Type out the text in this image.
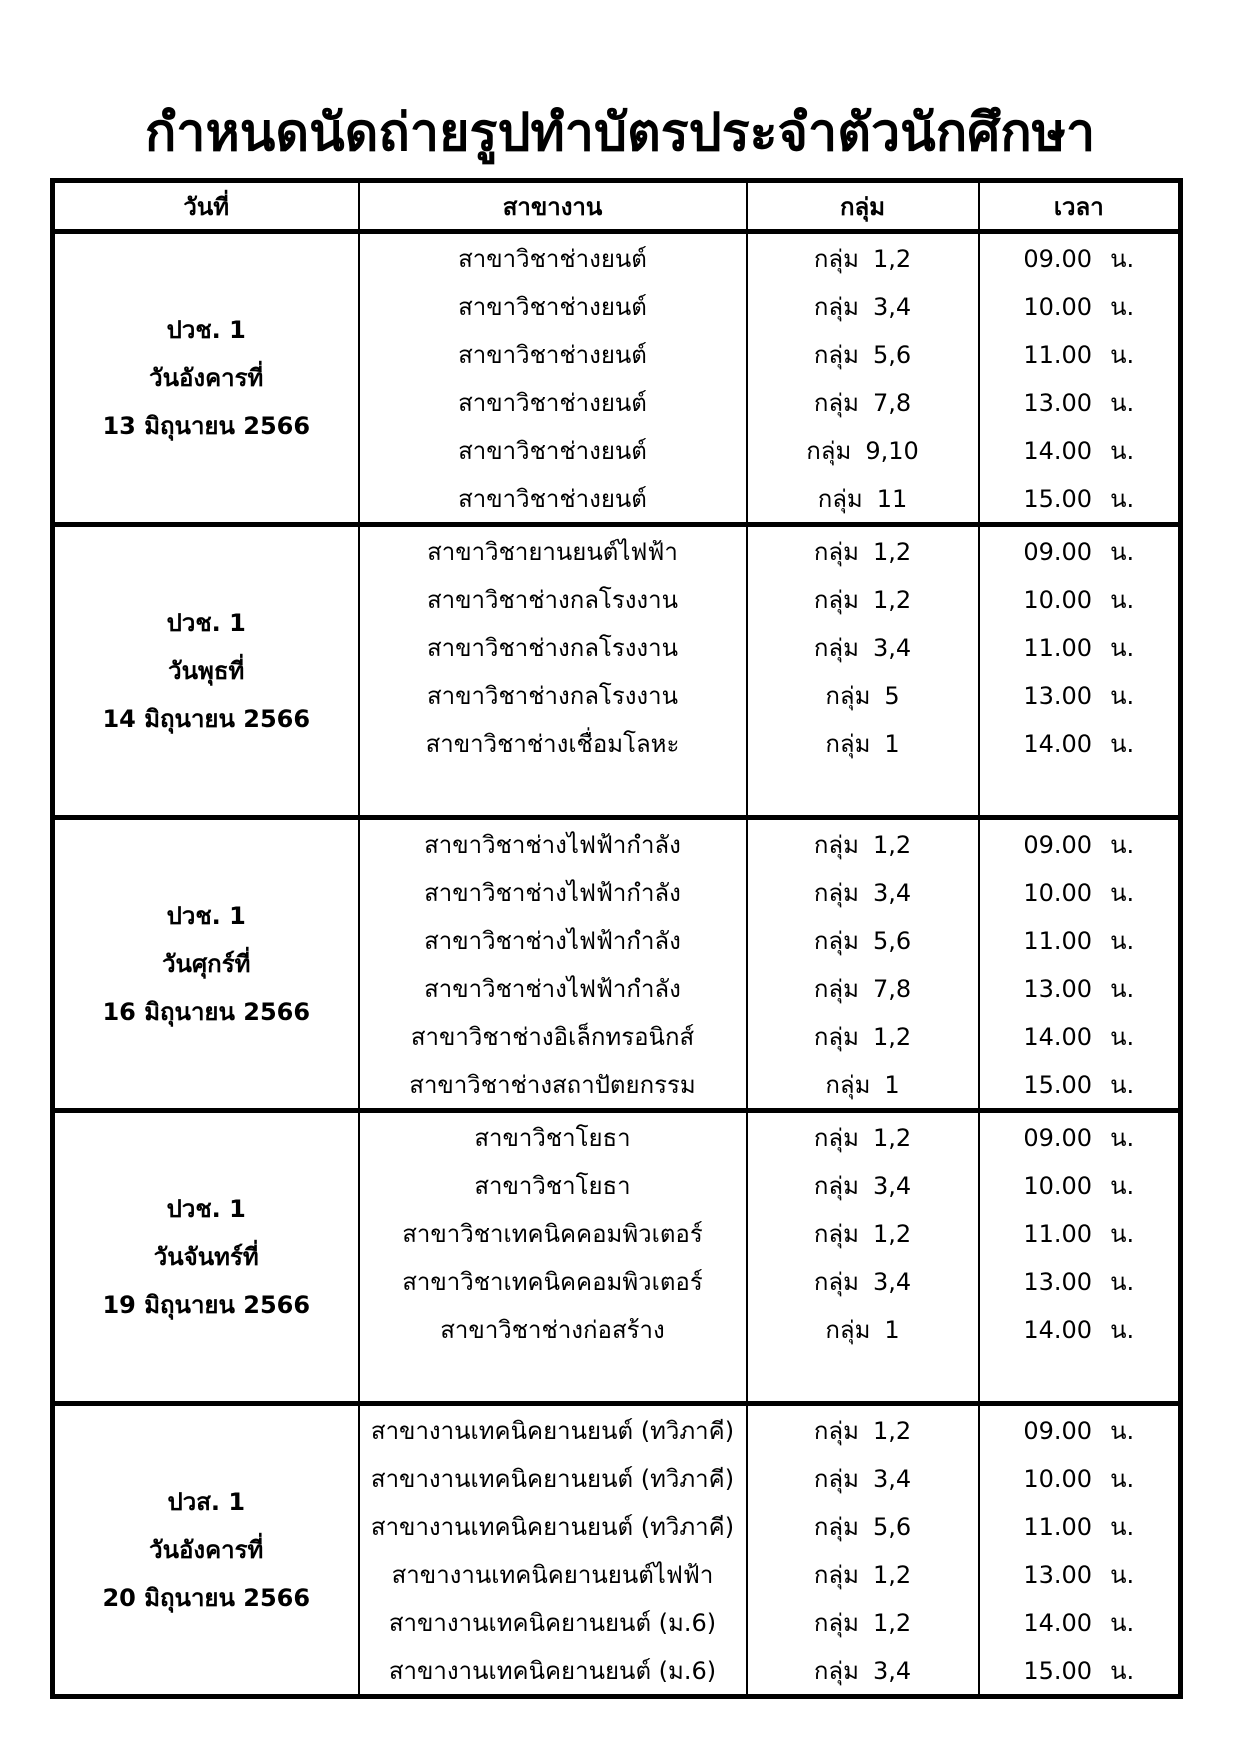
กำหนดนัดถ่ายรูปทำบัตรประจำตัวนักศึกษา
วันที่	สาขางาน	กลุ่ม	เวลา

ปวช. 1
วันอังคารที่
13 มิถุนายน 2566	สาขาวิชาช่างยนต์	กลุ่ม 1,2	09.00 น.
	สาขาวิชาช่างยนต์	กลุ่ม 3,4	10.00 น.
	สาขาวิชาช่างยนต์	กลุ่ม 5,6	11.00 น.
	สาขาวิชาช่างยนต์	กลุ่ม 7,8	13.00 น.
	สาขาวิชาช่างยนต์	กลุ่ม 9,10	14.00 น.
	สาขาวิชาช่างยนต์	กลุ่ม 11	15.00 น.

ปวช. 1
วันพุธที่
14 มิถุนายน 2566	สาขาวิชายานยนต์ไฟฟ้า	กลุ่ม 1,2	09.00 น.
	สาขาวิชาช่างกลโรงงาน	กลุ่ม 1,2	10.00 น.
	สาขาวิชาช่างกลโรงงาน	กลุ่ม 3,4	11.00 น.
	สาขาวิชาช่างกลโรงงาน	กลุ่ม 5	13.00 น.
	สาขาวิชาช่างเชื่อมโลหะ	กลุ่ม 1	14.00 น.

ปวช. 1
วันศุกร์ที่
16 มิถุนายน 2566	สาขาวิชาช่างไฟฟ้ากำลัง	กลุ่ม 1,2	09.00 น.
	สาขาวิชาช่างไฟฟ้ากำลัง	กลุ่ม 3,4	10.00 น.
	สาขาวิชาช่างไฟฟ้ากำลัง	กลุ่ม 5,6	11.00 น.
	สาขาวิชาช่างไฟฟ้ากำลัง	กลุ่ม 7,8	13.00 น.
	สาขาวิชาช่างอิเล็กทรอนิกส์	กลุ่ม 1,2	14.00 น.
	สาขาวิชาช่างสถาปัตยกรรม	กลุ่ม 1	15.00 น.

ปวช. 1
วันจันทร์ที่
19 มิถุนายน 2566	สาขาวิชาโยธา	กลุ่ม 1,2	09.00 น.
	สาขาวิชาโยธา	กลุ่ม 3,4	10.00 น.
	สาขาวิชาเทคนิคคอมพิวเตอร์	กลุ่ม 1,2	11.00 น.
	สาขาวิชาเทคนิคคอมพิวเตอร์	กลุ่ม 3,4	13.00 น.
	สาขาวิชาช่างก่อสร้าง	กลุ่ม 1	14.00 น.

ปวส. 1
วันอังคารที่
20 มิถุนายน 2566	สาขางานเทคนิคยานยนต์ (ทวิภาคี)	กลุ่ม 1,2	09.00 น.
	สาขางานเทคนิคยานยนต์ (ทวิภาคี)	กลุ่ม 3,4	10.00 น.
	สาขางานเทคนิคยานยนต์ (ทวิภาคี)	กลุ่ม 5,6	11.00 น.
	สาขางานเทคนิคยานยนต์ไฟฟ้า	กลุ่ม 1,2	13.00 น.
	สาขางานเทคนิคยานยนต์ (ม.6)	กลุ่ม 1,2	14.00 น.
	สาขางานเทคนิคยานยนต์ (ม.6)	กลุ่ม 3,4	15.00 น.
